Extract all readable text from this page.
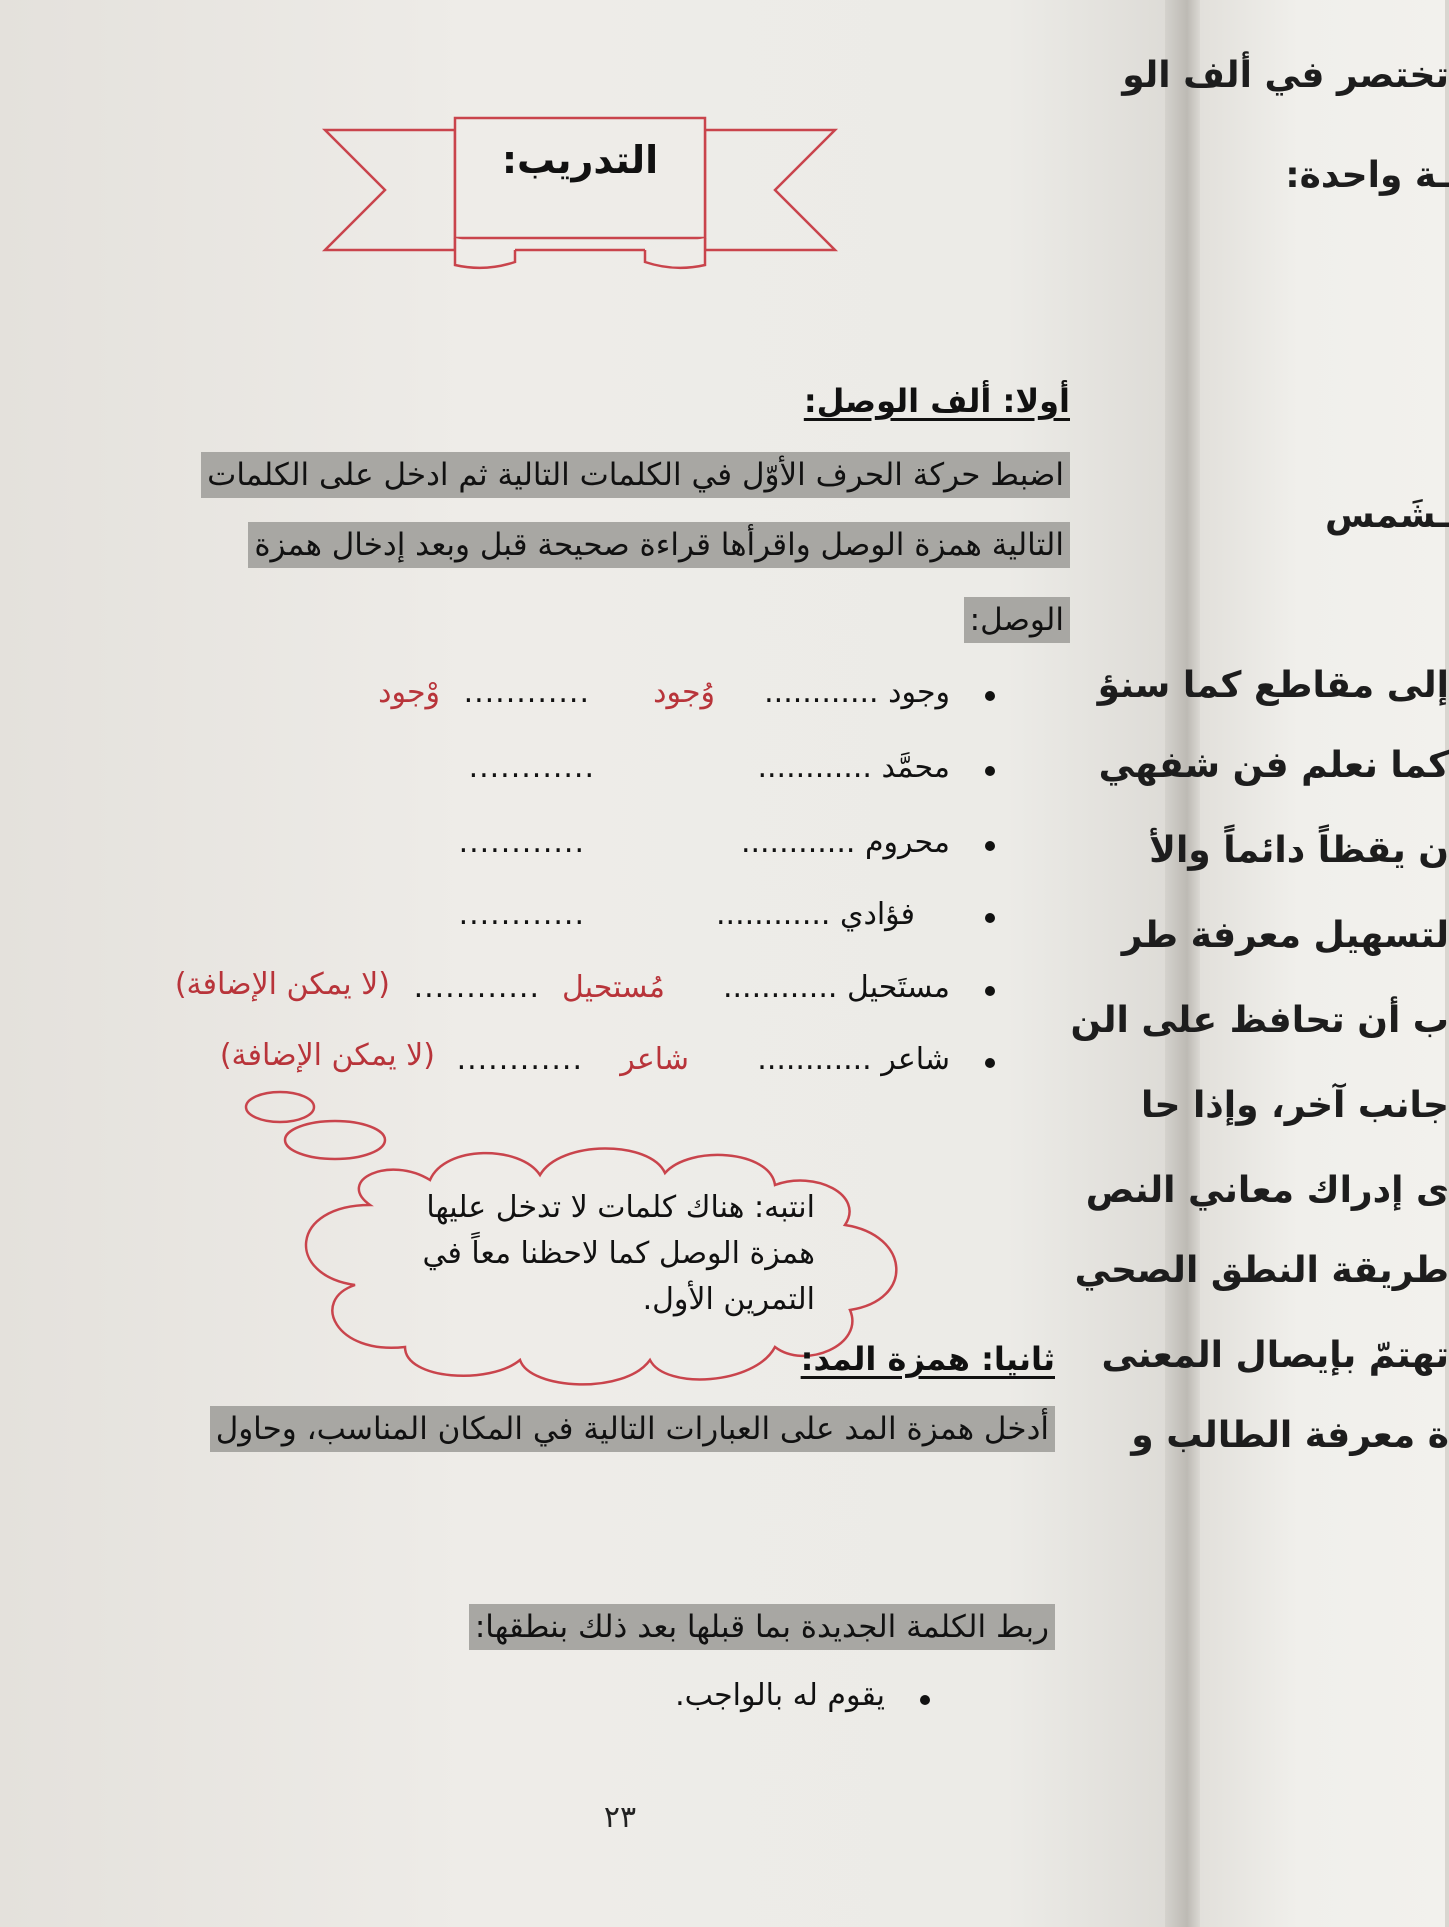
التدريب:
أولا: ألف الوصل:
اضبط حركة الحرف الأوّل في الكلمات التالية ثم ادخل على الكلمات
التالية همزة الوصل واقرأها قراءة صحيحة قبل وبعد إدخال همزة
الوصل:
وجود ............
وُجود
............
وْجود
محمَّد ............
............
محروم ............
............
فؤادي ............
............
مستَحيل ............
مُستحيل
............
(لا يمكن الإضافة)
شاعر ............
شاعر
............
(لا يمكن الإضافة)
انتبه: هناك كلمات لا تدخل عليها
همزة الوصل كما لاحظنا معاً في
التمرين الأول.
ثانيا: همزة المد:
أدخل همزة المد على العبارات التالية في المكان المناسب، وحاول
ربط الكلمة الجديدة بما قبلها بعد ذلك بنطقها:
يقوم له بالواجب.
٢٣
تختصر في ألف الو
ـة واحدة:
ـشَمس
إلى مقاطع كما سنؤ
كما نعلم فن شفهي
ن يقظاً دائماً والأ
لتسهيل معرفة طر
ب أن تحافظ على الن
جانب آخر، وإذا حا
ى إدراك معاني النص
طريقة النطق الصحي
تهتمّ بإيصال المعنى
ة معرفة الطالب و
